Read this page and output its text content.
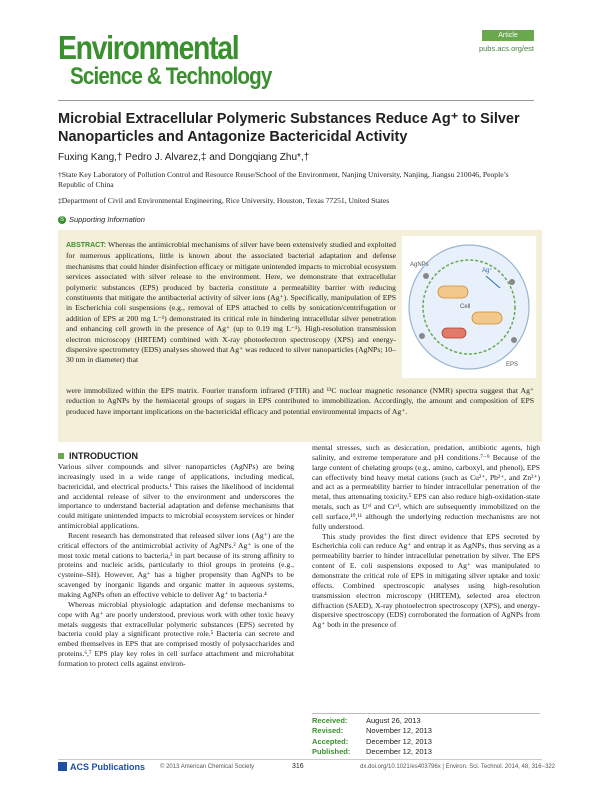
Environmental
Science & Technology
Article
pubs.acs.org/est
Microbial Extracellular Polymeric Substances Reduce Ag⁺ to Silver Nanoparticles and Antagonize Bactericidal Activity
Fuxing Kang,† Pedro J. Alvarez,‡ and Dongqiang Zhu*,†
†State Key Laboratory of Pollution Control and Resource Reuse/School of the Environment, Nanjing University, Nanjing, Jiangsu 210046, People’s Republic of China
‡Department of Civil and Environmental Engineering, Rice University, Houston, Texas 77251, United States
S Supporting Information
ABSTRACT: Whereas the antimicrobial mechanisms of silver have been extensively studied and exploited for numerous applications, little is known about the associated bacterial adaptation and defense mechanisms that could hinder disinfection efficacy or mitigate unintended impacts to microbial ecosystem services associated with silver release to the environment. Here, we demonstrate that extracellular polymeric substances (EPS) produced by bacteria constitute a permeability barrier with reducing constituents that mitigate the antibacterial activity of silver ions (Ag⁺). Specifically, manipulation of EPS in Escherichia coli suspensions (e.g., removal of EPS attached to cells by sonication/centrifugation or addition of EPS at 200 mg L⁻¹) demonstrated its critical role in hindering intracellular silver penetration and enhancing cell growth in the presence of Ag⁺ (up to 0.19 mg L⁻¹). High-resolution transmission electron microscopy (HRTEM) combined with X-ray photoelectron spectroscopy (XPS) and energy-dispersive spectrometry (EDS) analyses showed that Ag⁺ was reduced to silver nanoparticles (AgNPs; 10–30 nm in diameter) that
were immobilized within the EPS matrix. Fourier transform infrared (FTIR) and ¹³C nuclear magnetic resonance (NMR) spectra suggest that Ag⁺ reduction to AgNPs by the hemiacetal groups of sugars in EPS contributed to immobilization. Accordingly, the amount and composition of EPS produced have important implications on the bactericidal efficacy and potential environmental impacts of Ag⁺.
Ag⁺
AgNPs
EPS
Cell
INTRODUCTION

Various silver compounds and silver nanoparticles (AgNPs) are being increasingly used in a wide range of applications, including medical, bactericidal, and electrical products.¹ This raises the likelihood of incidental and accidental release of silver to the environment and underscores the importance to understand bacterial adaptation and defense mechanisms that could mitigate unintended impacts to microbial ecosystem services or hinder antimicrobial applications.

Recent research has demonstrated that released silver ions (Ag⁺) are the critical effectors of the antimicrobial activity of AgNPs.² Ag⁺ is one of the most toxic metal cations to bacteria,³ in part because of its strong affinity to proteins and nucleic acids, particularly to thiol groups in proteins (e.g., cysteine–SH). However, Ag⁺ has a higher propensity than AgNPs to be scavenged by inorganic ligands and organic matter in aqueous systems, making AgNPs often an effective vehicle to deliver Ag⁺ to bacteria.⁴

Whereas microbial physiologic adaptation and defense mechanisms to cope with Ag⁺ are poorly understood, previous work with other toxic heavy metals suggests that extracellular polymeric substances (EPS) secreted by bacteria could play a significant protective role.⁵ Bacteria can secrete and embed themselves in EPS that are comprised mostly of polysaccharides and proteins.⁶,⁷ EPS play key roles in cell surface attachment and microhabitat formation to protect cells against environ-

mental stresses, such as desiccation, predation, antibiotic agents, high salinity, and extreme temperature and pH conditions.⁷⁻⁹ Because of the large content of chelating groups (e.g., amino, carboxyl, and phenol), EPS can effectively bind heavy metal cations (such as Cu²⁺, Pb²⁺, and Zn²⁺) and act as a permeability barrier to hinder intracellular penetration of the metal, thus attenuating toxicity.⁵ EPS can also reduce high-oxidation-state metals, such as Uᵛᴵ and Crᵛᴵ, which are subsequently immobilized on the cell surface,¹⁰,¹¹ although the underlying reduction mechanisms are not fully understood.

This study provides the first direct evidence that EPS secreted by Escherichia coli can reduce Ag⁺ and entrap it as AgNPs, thus serving as a permeability barrier to hinder intracellular penetration by silver. The EPS content of E. coli suspensions exposed to Ag⁺ was manipulated to demonstrate the critical role of EPS in mitigating silver uptake and toxic effects. Combined spectroscopic analyses using high-resolution transmission electron microscopy (HRTEM), selected area electron diffraction (SAED), X-ray photoelectron spectroscopy (XPS), and energy-dispersive spectroscopy (EDS) corroborated the formation of AgNPs from Ag⁺ both in the presence of

Received: August 26, 2013
Revised:	November 12, 2013
Accepted: December 12, 2013
Published: December 12, 2013
ACS Publications © 2013 American Chemical Society	316	dx.doi.org/10.1021/es403796x | Environ. Sci. Technol. 2014, 48, 316−322
